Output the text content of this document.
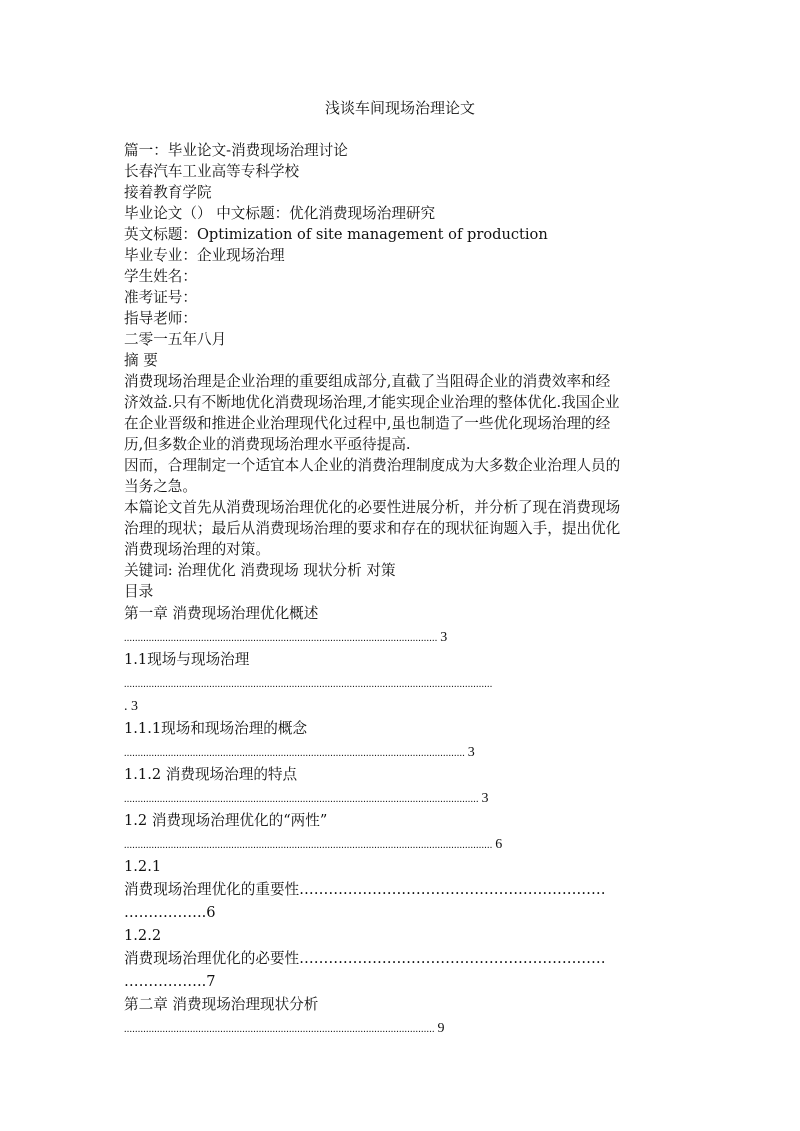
浅谈车间现场治理论文
篇一：毕业论文-消费现场治理讨论
长春汽车工业高等专科学校
接着教育学院
毕业论文（） 中文标题：优化消费现场治理研究
英文标题：Optimization of site management of production
毕业专业：企业现场治理
学生姓名：
准考证号：
指导老师：
二零一五年八月
摘 要
消费现场治理是企业治理的重要组成部分,直截了当阻碍企业的消费效率和经
济效益.只有不断地优化消费现场治理,才能实现企业治理的整体优化.我国企业
在企业晋级和推进企业治理现代化过程中,虽也制造了一些优化现场治理的经
历,但多数企业的消费现场治理水平亟待提高.
因而，合理制定一个适宜本人企业的消费治理制度成为大多数企业治理人员的
当务之急。
本篇论文首先从消费现场治理优化的必要性进展分析，并分析了现在消费现场
治理的现状；最后从消费现场治理的要求和存在的现状征询题入手，提出优化
消费现场治理的对策。
关键词: 治理优化 消费现场 现状分析 对策
目录
第一章 消费现场治理优化概述
.................................................................................................................. 3
1.1现场与现场治理
......................................................................................................................................
. 3
1.1.1现场和现场治理的概念
............................................................................................................................ 3
1.1.2 消费现场治理的特点
................................................................................................................................. 3
1.2 消费现场治理优化的“两性”
...................................................................................................................................... 6
1.2.1
消费现场治理优化的重要性………………………………………………………
……………..6
1.2.2
消费现场治理优化的必要性………………………………………………………
……………..7
第二章 消费现场治理现状分析
................................................................................................................. 9
